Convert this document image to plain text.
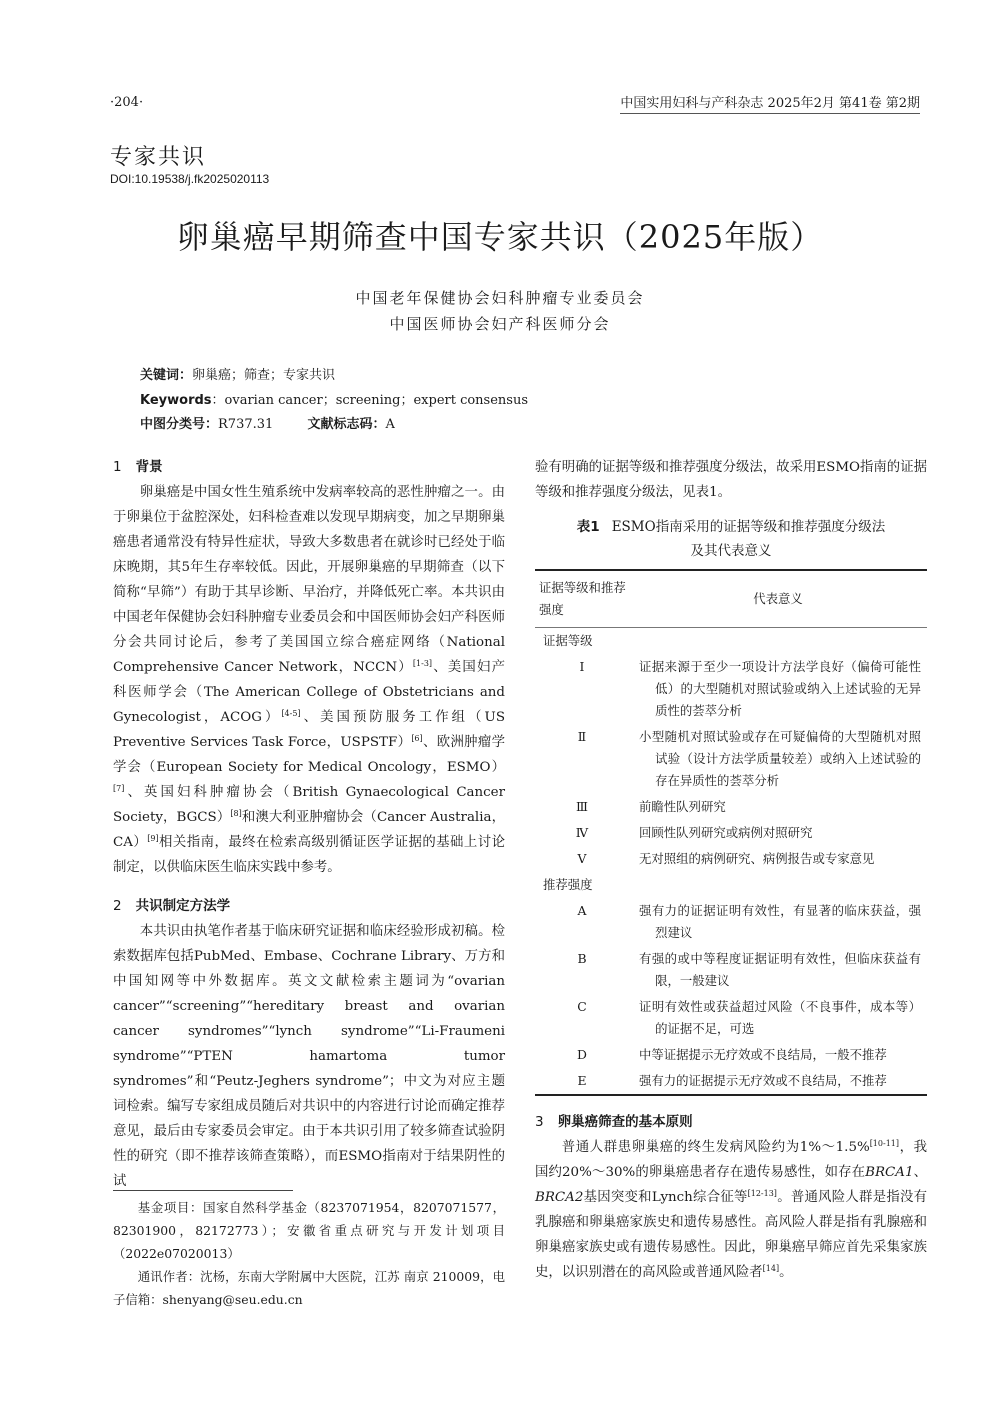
·204·	中国实用妇科与产科杂志 2025年2月 第41卷 第2期
专家共识
DOI:10.19538/j.fk2025020113
卵巢癌早期筛查中国专家共识（2025年版）
中国老年保健协会妇科肿瘤专业委员会
中国医师协会妇产科医师分会
关键词：卵巢癌；筛查；专家共识
Keywords：ovarian cancer；screening；expert consensus
中图分类号：R737.31	文献标志码：A
1 背景

卵巢癌是中国女性生殖系统中发病率较高的恶性肿瘤之一。由于卵巢位于盆腔深处，妇科检查难以发现早期病变，加之早期卵巢癌患者通常没有特异性症状，导致大多数患者在就诊时已经处于临床晚期，其5年生存率较低。因此，开展卵巢癌的早期筛查（以下简称“早筛”）有助于其早诊断、早治疗，并降低死亡率。本共识由中国老年保健协会妇科肿瘤专业委员会和中国医师协会妇产科医师分会共同讨论后，参考了美国国立综合癌症网络（National Comprehensive Cancer Network，NCCN）[1-3]、美国妇产科医师学会（The American College of Obstetricians and Gynecologist，ACOG）[4-5]、美国预防服务工作组（US Preventive Services Task Force，USPSTF）[6]、欧洲肿瘤学学会（European Society for Medical Oncology，ESMO）[7]、英国妇科肿瘤协会（British Gynaecological Cancer Society，BGCS）[8]和澳大利亚肿瘤协会（Cancer Australia，CA）[9]相关指南，最终在检索高级别循证医学证据的基础上讨论制定，以供临床医生临床实践中参考。

2 共识制定方法学

本共识由执笔作者基于临床研究证据和临床经验形成初稿。检索数据库包括PubMed、Embase、Cochrane Library、万方和中国知网等中外数据库。英文文献检索主题词为“ovarian cancer”“screening”“hereditary breast and ovarian cancer syndromes”“lynch syndrome”“Li-Fraumeni syndrome”“PTEN hamartoma tumor syndromes”和“Peutz-Jeghers syndrome”；中文为对应主题词检索。编写专家组成员随后对共识中的内容进行讨论而确定推荐意见，最后由专家委员会审定。由于本共识引用了较多筛查试验阴性的研究（即不推荐该筛查策略），而ESMO指南对于结果阴性的试

基金项目：国家自然科学基金（8237071954，8207071577，82301900，82172773）；安徽省重点研究与开发计划项目（2022e07020013）

通讯作者：沈杨，东南大学附属中大医院，江苏 南京 210009，电子信箱：shenyang@seu.edu.cn

验有明确的证据等级和推荐强度分级法，故采用ESMO指南的证据等级和推荐强度分级法，见表1。

表1 ESMO指南采用的证据等级和推荐强度分级法
及其代表意义
证据等级和推荐强度	代表意义
证据等级	
Ⅰ	证据来源于至少一项设计方法学良好（偏倚可能性低）的大型随机对照试验或纳入上述试验的无异质性的荟萃分析

Ⅱ	小型随机对照试验或存在可疑偏倚的大型随机对照试验（设计方法学质量较差）或纳入上述试验的存在异质性的荟萃分析

Ⅲ	前瞻性队列研究

Ⅳ	回顾性队列研究或病例对照研究

Ⅴ	无对照组的病例研究、病例报告或专家意见

推荐强度	
A	强有力的证据证明有效性，有显著的临床获益，强烈建议

B	有强的或中等程度证据证明有效性，但临床获益有限，一般建议

C	证明有效性或获益超过风险（不良事件，成本等）的证据不足，可选

D	中等证据提示无疗效或不良结局，一般不推荐

E	强有力的证据提示无疗效或不良结局，不推荐
3 卵巢癌筛查的基本原则

普通人群患卵巢癌的终生发病风险约为1%～1.5%[10-11]，我国约20%～30%的卵巢癌患者存在遗传易感性，如存在BRCA1、BRCA2基因突变和Lynch综合征等[12-13]。普通风险人群是指没有乳腺癌和卵巢癌家族史和遗传易感性。高风险人群是指有乳腺癌和卵巢癌家族史或有遗传易感性。因此，卵巢癌早筛应首先采集家族史，以识别潜在的高风险或普通风险者[14]。
